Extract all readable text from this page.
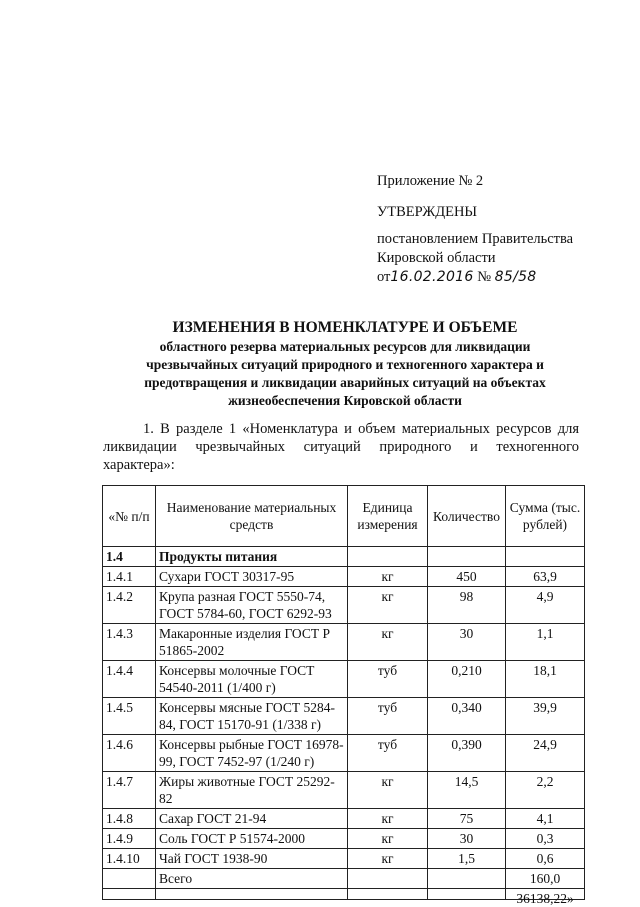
Приложение № 2
УТВЕРЖДЕНЫ
постановлением Правительства
Кировской области
от16.02.2016 № 85/58
ИЗМЕНЕНИЯ В НОМЕНКЛАТУРЕ И ОБЪЕМЕ
областного резерва материальных ресурсов для ликвидации
чрезвычайных ситуаций природного и техногенного характера и
предотвращения и ликвидации аварийных ситуаций на объектах
жизнеобеспечения Кировской области
1. В разделе 1 «Номенклатура и объем материальных ресурсов для ликвидации чрезвычайных ситуаций природного и техногенного характера»:
«№ п/п	Наименование материальных средств	Единица измерения	Количество	Сумма (тыс. рублей)
1.4	Продукты питания			
1.4.1	Сухари ГОСТ 30317-95	кг	450	63,9
1.4.2	Крупа разная ГОСТ 5550-74, ГОСТ 5784-60, ГОСТ 6292-93	кг	98	4,9
1.4.3	Макаронные изделия ГОСТ Р 51865-2002	кг	30	1,1
1.4.4	Консервы молочные ГОСТ 54540-2011 (1/400 г)	туб	0,210	18,1
1.4.5	Консервы мясные ГОСТ 5284-84, ГОСТ 15170-91 (1/338 г)	туб	0,340	39,9
1.4.6	Консервы рыбные ГОСТ 16978-99, ГОСТ 7452-97 (1/240 г)	туб	0,390	24,9
1.4.7	Жиры животные ГОСТ 25292-82	кг	14,5	2,2
1.4.8	Сахар ГОСТ 21-94	кг	75	4,1
1.4.9	Соль ГОСТ Р 51574-2000	кг	30	0,3
1.4.10	Чай ГОСТ 1938-90	кг	1,5	0,6
	Всего			160,0

				36138,22»
